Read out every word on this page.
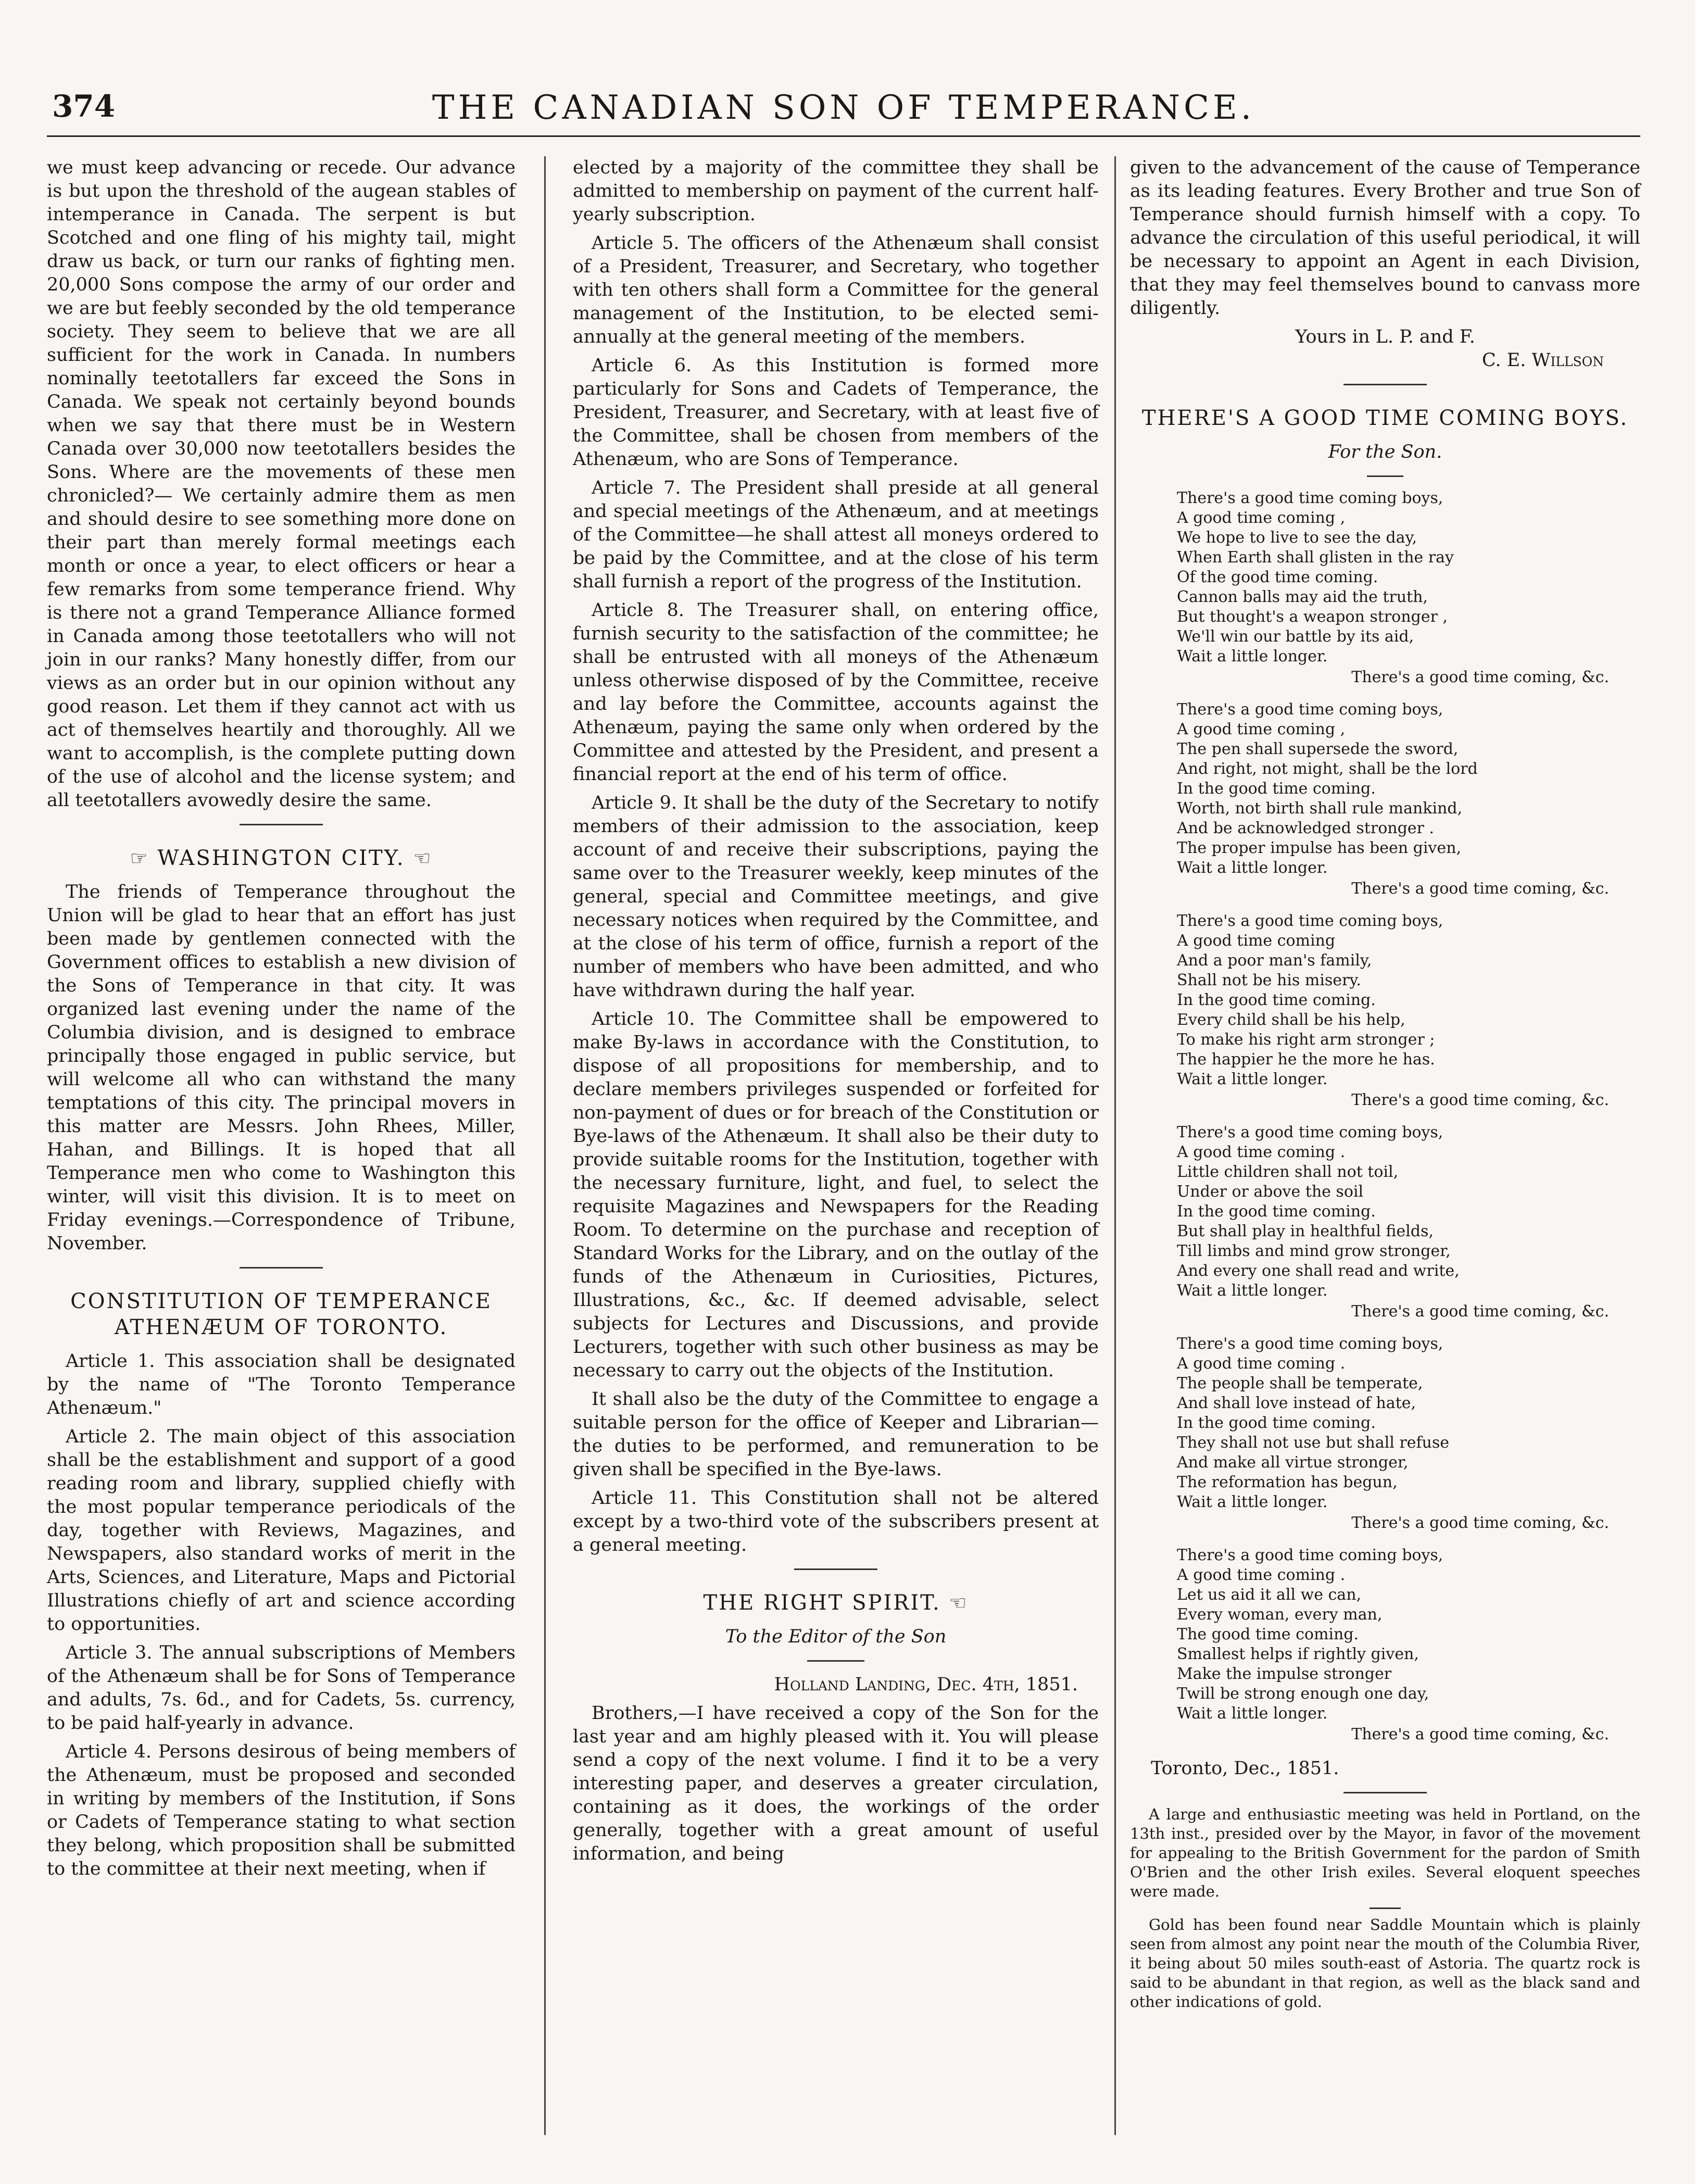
374	THE CANADIAN SON OF TEMPERANCE.

we must keep advancing or recede. Our advance is but upon the threshold of the augean stables of intemperance in Canada. The serpent is but Scotched and one fling of his mighty tail, might draw us back, or turn our ranks of fighting men. 20,000 Sons compose the army of our order and we are but feebly seconded by the old temperance society. They seem to believe that we are all sufficient for the work in Canada. In numbers nominally teetotallers far exceed the Sons in Canada. We speak not certainly beyond bounds when we say that there must be in Western Canada over 30,000 now teetotallers besides the Sons. Where are the movements of these men chronicled?— We certainly admire them as men and should desire to see something more done on their part than merely formal meetings each month or once a year, to elect officers or hear a few remarks from some temperance friend. Why is there not a grand Temperance Alliance formed in Canada among those teetotallers who will not join in our ranks? Many honestly differ, from our views as an order but in our opinion without any good reason. Let them if they cannot act with us act of themselves heartily and thoroughly. All we want to accomplish, is the complete putting down of the use of alcohol and the license system; and all teetotallers avowedly desire the same.

☞ WASHINGTON CITY. ☜

The friends of Temperance throughout the Union will be glad to hear that an effort has just been made by gentlemen connected with the Government offices to establish a new division of the Sons of Temperance in that city. It was organized last evening under the name of the Columbia division, and is designed to embrace principally those engaged in public service, but will welcome all who can withstand the many temptations of this city. The principal movers in this matter are Messrs. John Rhees, Miller, Hahan, and Billings. It is hoped that all Temperance men who come to Washington this winter, will visit this division. It is to meet on Friday evenings.—Correspondence of Tribune, November.

CONSTITUTION OF TEMPERANCE ATHENÆUM OF TORONTO.

Article 1. This association shall be designated by the name of "The Toronto Temperance Athenæum."

Article 2. The main object of this association shall be the establishment and support of a good reading room and library, supplied chiefly with the most popular temperance periodicals of the day, together with Reviews, Magazines, and Newspapers, also standard works of merit in the Arts, Sciences, and Literature, Maps and Pictorial Illustrations chiefly of art and science according to opportunities.

Article 3. The annual subscriptions of Members of the Athenæum shall be for Sons of Temperance and adults, 7s. 6d., and for Cadets, 5s. currency, to be paid half-yearly in advance.

Article 4. Persons desirous of being members of the Athenæum, must be proposed and seconded in writing by members of the Institution, if Sons or Cadets of Temperance stating to what section they belong, which proposition shall be submitted to the committee at their next meeting, when if

elected by a majority of the committee they shall be admitted to membership on payment of the current half-yearly subscription.

Article 5. The officers of the Athenæum shall consist of a President, Treasurer, and Secretary, who together with ten others shall form a Committee for the general management of the Institution, to be elected semi-annually at the general meeting of the members.

Article 6. As this Institution is formed more particularly for Sons and Cadets of Temperance, the President, Treasurer, and Secretary, with at least five of the Committee, shall be chosen from members of the Athenæum, who are Sons of Temperance.

Article 7. The President shall preside at all general and special meetings of the Athenæum, and at meetings of the Committee—he shall attest all moneys ordered to be paid by the Committee, and at the close of his term shall furnish a report of the progress of the Institution.

Article 8. The Treasurer shall, on entering office, furnish security to the satisfaction of the committee; he shall be entrusted with all moneys of the Athenæum unless otherwise disposed of by the Committee, receive and lay before the Committee, accounts against the Athenæum, paying the same only when ordered by the Committee and attested by the President, and present a financial report at the end of his term of office.

Article 9. It shall be the duty of the Secretary to notify members of their admission to the association, keep account of and receive their subscriptions, paying the same over to the Treasurer weekly, keep minutes of the general, special and Committee meetings, and give necessary notices when required by the Committee, and at the close of his term of office, furnish a report of the number of members who have been admitted, and who have withdrawn during the half year.

Article 10. The Committee shall be empowered to make By-laws in accordance with the Constitution, to dispose of all propositions for membership, and to declare members privileges suspended or forfeited for non-payment of dues or for breach of the Constitution or Bye-laws of the Athenæum. It shall also be their duty to provide suitable rooms for the Institution, together with the necessary furniture, light, and fuel, to select the requisite Magazines and Newspapers for the Reading Room. To determine on the purchase and reception of Standard Works for the Library, and on the outlay of the funds of the Athenæum in Curiosities, Pictures, Illustrations, &c., &c. If deemed advisable, select subjects for Lectures and Discussions, and provide Lecturers, together with such other business as may be necessary to carry out the objects of the Institution.

It shall also be the duty of the Committee to engage a suitable person for the office of Keeper and Librarian—the duties to be performed, and remuneration to be given shall be specified in the Bye-laws.

Article 11. This Constitution shall not be altered except by a two-third vote of the subscribers present at a general meeting.

THE RIGHT SPIRIT. ☜
To the Editor of the Son
Holland Landing, Dec. 4th, 1851.

Brothers,—I have received a copy of the Son for the last year and am highly pleased with it. You will please send a copy of the next volume. I find it to be a very interesting paper, and deserves a greater circulation, containing as it does, the workings of the order generally, together with a great amount of useful information, and being

given to the advancement of the cause of Temperance as its leading features. Every Brother and true Son of Temperance should furnish himself with a copy. To advance the circulation of this useful periodical, it will be necessary to appoint an Agent in each Division, that they may feel themselves bound to canvass more diligently.

Yours in L. P. and F.
C. E. Willson
THERE'S A GOOD TIME COMING BOYS.
For the Son.
There's a good time coming boys,
A good time coming ,
We hope to live to see the day,
When Earth shall glisten in the ray
Of the good time coming.
Cannon balls may aid the truth,
But thought's a weapon stronger ,
We'll win our battle by its aid,
Wait a little longer.
There's a good time coming, &c.
There's a good time coming boys,
A good time coming ,
The pen shall supersede the sword,
And right, not might, shall be the lord
In the good time coming.
Worth, not birth shall rule mankind,
And be acknowledged stronger .
The proper impulse has been given,
Wait a little longer.
There's a good time coming, &c.
There's a good time coming boys,
A good time coming
And a poor man's family,
Shall not be his misery.
In the good time coming.
Every child shall be his help,
To make his right arm stronger ;
The happier he the more he has.
Wait a little longer.
There's a good time coming, &c.
There's a good time coming boys,
A good time coming .
Little children shall not toil,
Under or above the soil
In the good time coming.
But shall play in healthful fields,
Till limbs and mind grow stronger,
And every one shall read and write,
Wait a little longer.
There's a good time coming, &c.
There's a good time coming boys,
A good time coming .
The people shall be temperate,
And shall love instead of hate,
In the good time coming.
They shall not use but shall refuse
And make all virtue stronger,
The reformation has begun,
Wait a little longer.
There's a good time coming, &c.
There's a good time coming boys,
A good time coming .
Let us aid it all we can,
Every woman, every man,
The good time coming.
Smallest helps if rightly given,
Make the impulse stronger
Twill be strong enough one day,
Wait a little longer.
There's a good time coming, &c.
Toronto, Dec., 1851.

A large and enthusiastic meeting was held in Portland, on the 13th inst., presided over by the Mayor, in favor of the movement for appealing to the British Government for the pardon of Smith O'Brien and the other Irish exiles. Several eloquent speeches were made.

Gold has been found near Saddle Mountain which is plainly seen from almost any point near the mouth of the Columbia River, it being about 50 miles south-east of Astoria. The quartz rock is said to be abundant in that region, as well as the black sand and other indications of gold.
